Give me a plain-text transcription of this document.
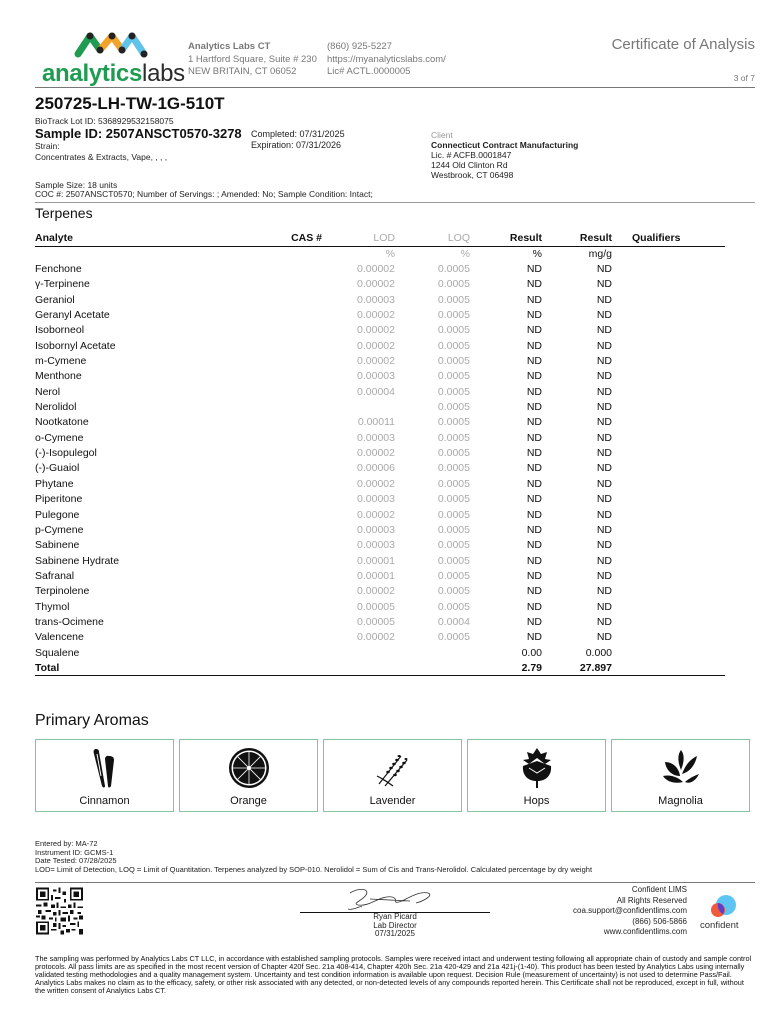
analyticslabs
Analytics Labs CT
1 Hartford Square, Suite # 230
NEW BRITAIN, CT 06052
(860) 925-5227
https://myanalyticslabs.com/
Lic# ACTL.0000005
Certificate of Analysis
3 of 7
250725-LH-TW-1G-510T
BioTrack Lot ID: 5368929532158075
Sample ID: 2507ANSCT0570-3278 Completed: 07/31/2025
Expiration: 07/31/2026
Strain:
Concentrates & Extracts, Vape, , , ,
Sample Size: 18 units
COC #: 2507ANSCT0570; Number of Servings: ; Amended: No; Sample Condition: Intact;
Client
Connecticut Contract Manufacturing
Lic. # ACFB.0001847
1244 Old Clinton Rd
Westbrook, CT 06498
Terpenes
Analyte	CAS #	LOD	LOQ	Result	Result	Qualifiers
		%	%	%	mg/g	
Fenchone		0.00002	0.0005	ND	ND	
γ-Terpinene		0.00002	0.0005	ND	ND	
Geraniol		0.00003	0.0005	ND	ND	
Geranyl Acetate		0.00002	0.0005	ND	ND	
Isoborneol		0.00002	0.0005	ND	ND	
Isobornyl Acetate		0.00002	0.0005	ND	ND	
m-Cymene		0.00002	0.0005	ND	ND	
Menthone		0.00003	0.0005	ND	ND	
Nerol		0.00004	0.0005	ND	ND	
Nerolidol			0.0005	ND	ND	
Nootkatone		0.00011	0.0005	ND	ND	
o-Cymene		0.00003	0.0005	ND	ND	
(-)-Isopulegol		0.00002	0.0005	ND	ND	
(-)-Guaiol		0.00006	0.0005	ND	ND	
Phytane		0.00002	0.0005	ND	ND	
Piperitone		0.00003	0.0005	ND	ND	
Pulegone		0.00002	0.0005	ND	ND	
p-Cymene		0.00003	0.0005	ND	ND	
Sabinene		0.00003	0.0005	ND	ND	
Sabinene Hydrate		0.00001	0.0005	ND	ND	
Safranal		0.00001	0.0005	ND	ND	
Terpinolene		0.00002	0.0005	ND	ND	
Thymol		0.00005	0.0005	ND	ND	
trans-Ocimene		0.00005	0.0004	ND	ND	
Valencene		0.00002	0.0005	ND	ND	
Squalene				0.00	0.000	
Total				2.79	27.897	
Primary Aromas
Cinnamon	Orange	Lavender	Hops	Magnolia
Entered by: MA-72
Instrument ID: GCMS-1
Date Tested: 07/28/2025
LOD= Limit of Detection, LOQ = Limit of Quantitation. Terpenes analyzed by SOP-010. Nerolidol = Sum of Cis and Trans-Nerolidol. Calculated percentage by dry weight
Ryan Picard
Lab Director
07/31/2025
Confident LIMS
All Rights Reserved
coa.support@confidentlims.com
(866) 506-5866
www.confidentlims.com
confident
The sampling was performed by Analytics Labs CT LLC, in accordance with established sampling protocols. Samples were received intact and underwent testing following all appropriate chain of custody and sample control protocols. All pass limits are as specified in the most recent version of Chapter 420f Sec. 21a 408-414, Chapter 420h Sec. 21a 420-429 and 21a 421j-(1-40). This product has been tested by Analytics Labs using internally validated testing methodologies and a quality management system. Uncertainty and test condition information is available upon request. Decision Rule (measurement of uncertainty) is not used to determine Pass/Fail. Analytics Labs makes no claim as to the efficacy, safety, or other risk associated with any detected, or non-detected levels of any compounds reported herein. This Certificate shall not be reproduced, except in full, without the written consent of Analytics Labs CT.
